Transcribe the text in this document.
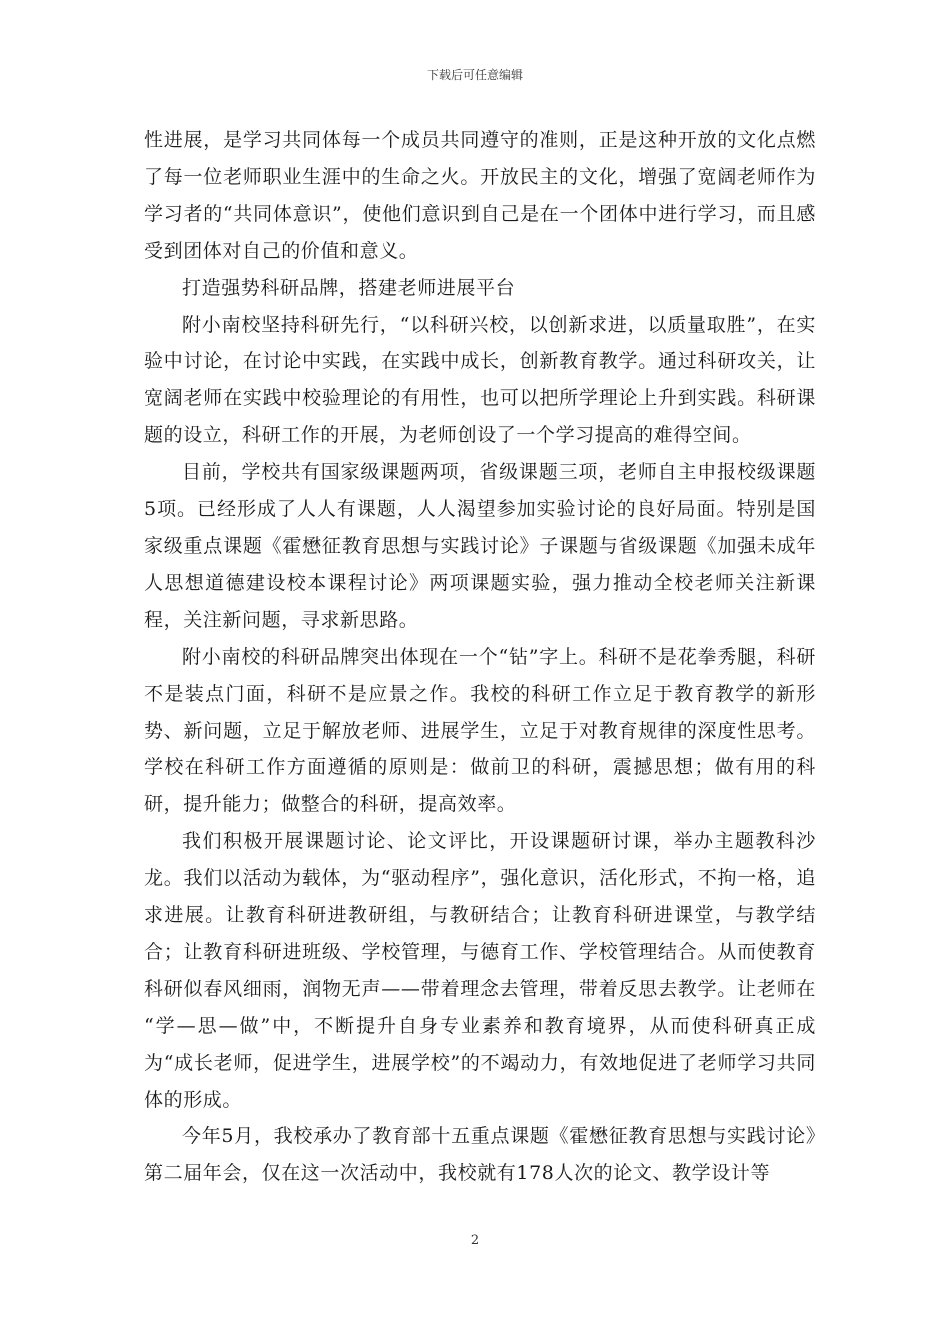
下载后可任意编辑

性进展，是学习共同体每一个成员共同遵守的准则，正是这种开放的文化点燃了每一位老师职业生涯中的生命之火。开放民主的文化，增强了宽阔老师作为学习者的“共同体意识”，使他们意识到自己是在一个团体中进行学习，而且感受到团体对自己的价值和意义。

打造强势科研品牌，搭建老师进展平台

附小南校坚持科研先行，“以科研兴校，以创新求进，以质量取胜”，在实验中讨论，在讨论中实践，在实践中成长，创新教育教学。通过科研攻关，让宽阔老师在实践中校验理论的有用性，也可以把所学理论上升到实践。科研课题的设立，科研工作的开展，为老师创设了一个学习提高的难得空间。

目前，学校共有国家级课题两项，省级课题三项，老师自主申报校级课题5项。已经形成了人人有课题，人人渴望参加实验讨论的良好局面。特别是国家级重点课题《霍懋征教育思想与实践讨论》子课题与省级课题《加强未成年人思想道德建设校本课程讨论》两项课题实验，强力推动全校老师关注新课程，关注新问题，寻求新思路。

附小南校的科研品牌突出体现在一个“钻”字上。科研不是花拳秀腿，科研不是装点门面，科研不是应景之作。我校的科研工作立足于教育教学的新形势、新问题，立足于解放老师、进展学生，立足于对教育规律的深度性思考。学校在科研工作方面遵循的原则是：做前卫的科研，震撼思想；做有用的科研，提升能力；做整合的科研，提高效率。

我们积极开展课题讨论、论文评比，开设课题研讨课，举办主题教科沙龙。我们以活动为载体，为“驱动程序”，强化意识，活化形式，不拘一格，追求进展。让教育科研进教研组，与教研结合；让教育科研进课堂，与教学结合；让教育科研进班级、学校管理，与德育工作、学校管理结合。从而使教育科研似春风细雨，润物无声——带着理念去管理，带着反思去教学。让老师在 “学—思—做”中，不断提升自身专业素养和教育境界，从而使科研真正成为“成长老师，促进学生，进展学校”的不竭动力，有效地促进了老师学习共同体的形成。

今年5月，我校承办了教育部十五重点课题《霍懋征教育思想与实践讨论》第二届年会，仅在这一次活动中，我校就有178人次的论文、教学设计等

2
